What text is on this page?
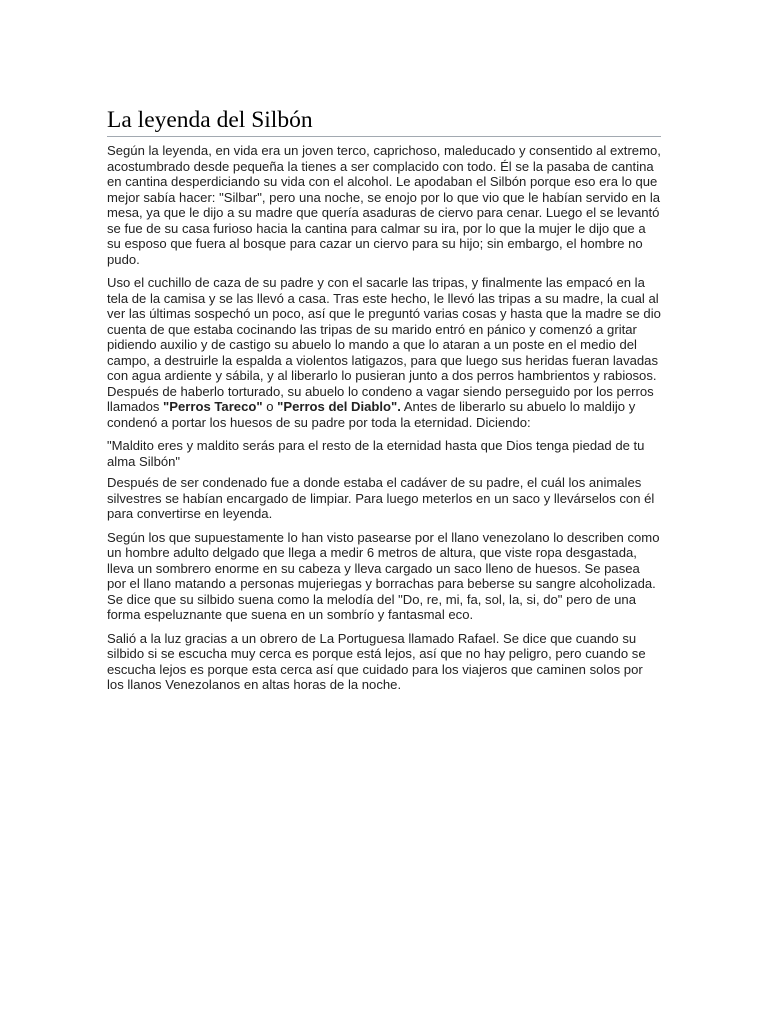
La leyenda del Silbón

Según la leyenda, en vida era un joven terco, caprichoso, maleducado y consentido al extremo, acostumbrado desde pequeña la tienes a ser complacido con todo. Él se la pasaba de cantina en cantina desperdiciando su vida con el alcohol. Le apodaban el Silbón porque eso era lo que mejor sabía hacer: "Silbar", pero una noche, se enojo por lo que vio que le habían servido en la mesa, ya que le dijo a su madre que quería asaduras de ciervo para cenar. Luego el se levantó se fue de su casa furioso hacia la cantina para calmar su ira, por lo que la mujer le dijo que a su esposo que fuera al bosque para cazar un ciervo para su hijo; sin embargo, el hombre no pudo.

Uso el cuchillo de caza de su padre y con el sacarle las tripas, y finalmente las empacó en la tela de la camisa y se las llevó a casa. Tras este hecho, le llevó las tripas a su madre, la cual al ver las últimas sospechó un poco, así que le preguntó varias cosas y hasta que la madre se dio cuenta de que estaba cocinando las tripas de su marido entró en pánico y comenzó a gritar pidiendo auxilio y de castigo su abuelo lo mando a que lo ataran a un poste en el medio del campo, a destruirle la espalda a violentos latigazos, para que luego sus heridas fueran lavadas con agua ardiente y sábila, y al liberarlo lo pusieran junto a dos perros hambrientos y rabiosos. Después de haberlo torturado, su abuelo lo condeno a vagar siendo perseguido por los perros llamados "Perros Tareco" o "Perros del Diablo". Antes de liberarlo su abuelo lo maldijo y condenó a portar los huesos de su padre por toda la eternidad. Diciendo:

"Maldito eres y maldito serás para el resto de la eternidad hasta que Dios tenga piedad de tu alma Silbón"

Después de ser condenado fue a donde estaba el cadáver de su padre, el cuál los animales silvestres se habían encargado de limpiar. Para luego meterlos en un saco y llevárselos con él para convertirse en leyenda.

Según los que supuestamente lo han visto pasearse por el llano venezolano lo describen como un hombre adulto delgado que llega a medir 6 metros de altura, que viste ropa desgastada, lleva un sombrero enorme en su cabeza y lleva cargado un saco lleno de huesos. Se pasea por el llano matando a personas mujeriegas y borrachas para beberse su sangre alcoholizada. Se dice que su silbido suena como la melodía del "Do, re, mi, fa, sol, la, si, do" pero de una forma espeluznante que suena en un sombrío y fantasmal eco.

Salió a la luz gracias a un obrero de La Portuguesa llamado Rafael. Se dice que cuando su silbido si se escucha muy cerca es porque está lejos, así que no hay peligro, pero cuando se escucha lejos es porque esta cerca así que cuidado para los viajeros que caminen solos por los llanos Venezolanos en altas horas de la noche.
